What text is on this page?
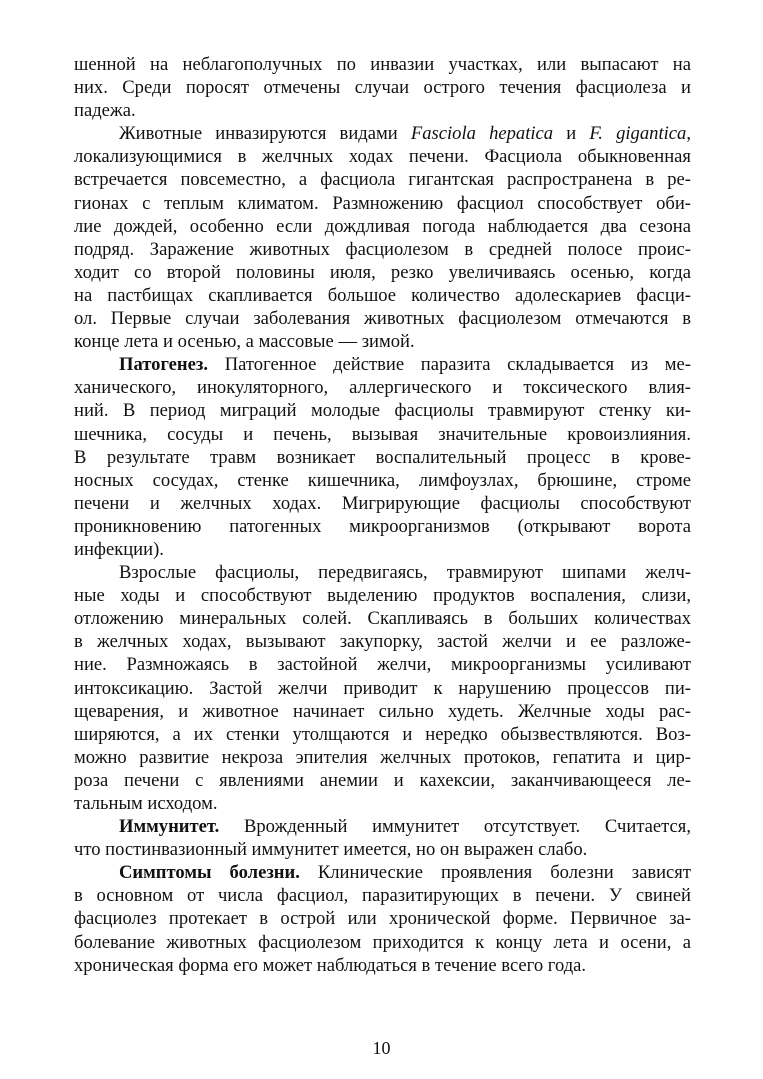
шенной на неблагополучных по инвазии участках, или выпасают на
них. Среди поросят отмечены случаи острого течения фасциолеза и
падежа.
Животные инвазируются видами Fasciola hepatica и F. gigantica,
локализующимися в желчных ходах печени. Фасциола обыкновенная
встречается повсеместно, а фасциола гигантская распространена в ре-
гионах с теплым климатом. Размножению фасциол способствует оби-
лие дождей, особенно если дождливая погода наблюдается два сезона
подряд. Заражение животных фасциолезом в средней полосе проис-
ходит со второй половины июля, резко увеличиваясь осенью, когда
на пастбищах скапливается большое количество адолескариев фасци-
ол. Первые случаи заболевания животных фасциолезом отмечаются в
конце лета и осенью, а массовые — зимой.
Патогенез. Патогенное действие паразита складывается из ме-
ханического, инокуляторного, аллергического и токсического влия-
ний. В период миграций молодые фасциолы травмируют стенку ки-
шечника, сосуды и печень, вызывая значительные кровоизлияния.
В результате травм возникает воспалительный процесс в крове-
носных сосудах, стенке кишечника, лимфоузлах, брюшине, строме
печени и желчных ходах. Мигрирующие фасциолы способствуют
проникновению патогенных микроорганизмов (открывают ворота
инфекции).
Взрослые фасциолы, передвигаясь, травмируют шипами желч-
ные ходы и способствуют выделению продуктов воспаления, слизи,
отложению минеральных солей. Скапливаясь в больших количествах
в желчных ходах, вызывают закупорку, застой желчи и ее разложе-
ние. Размножаясь в застойной желчи, микроорганизмы усиливают
интоксикацию. Застой желчи приводит к нарушению процессов пи-
щеварения, и животное начинает сильно худеть. Желчные ходы рас-
ширяются, а их стенки утолщаются и нередко обызвествляются. Воз-
можно развитие некроза эпителия желчных протоков, гепатита и цир-
роза печени с явлениями анемии и кахексии, заканчивающееся ле-
тальным исходом.
Иммунитет. Врожденный иммунитет отсутствует. Считается,
что постинвазионный иммунитет имеется, но он выражен слабо.
Симптомы болезни. Клинические проявления болезни зависят
в основном от числа фасциол, паразитирующих в печени. У свиней
фасциолез протекает в острой или хронической форме. Первичное за-
болевание животных фасциолезом приходится к концу лета и осени, а
хроническая форма его может наблюдаться в течение всего года.
10
